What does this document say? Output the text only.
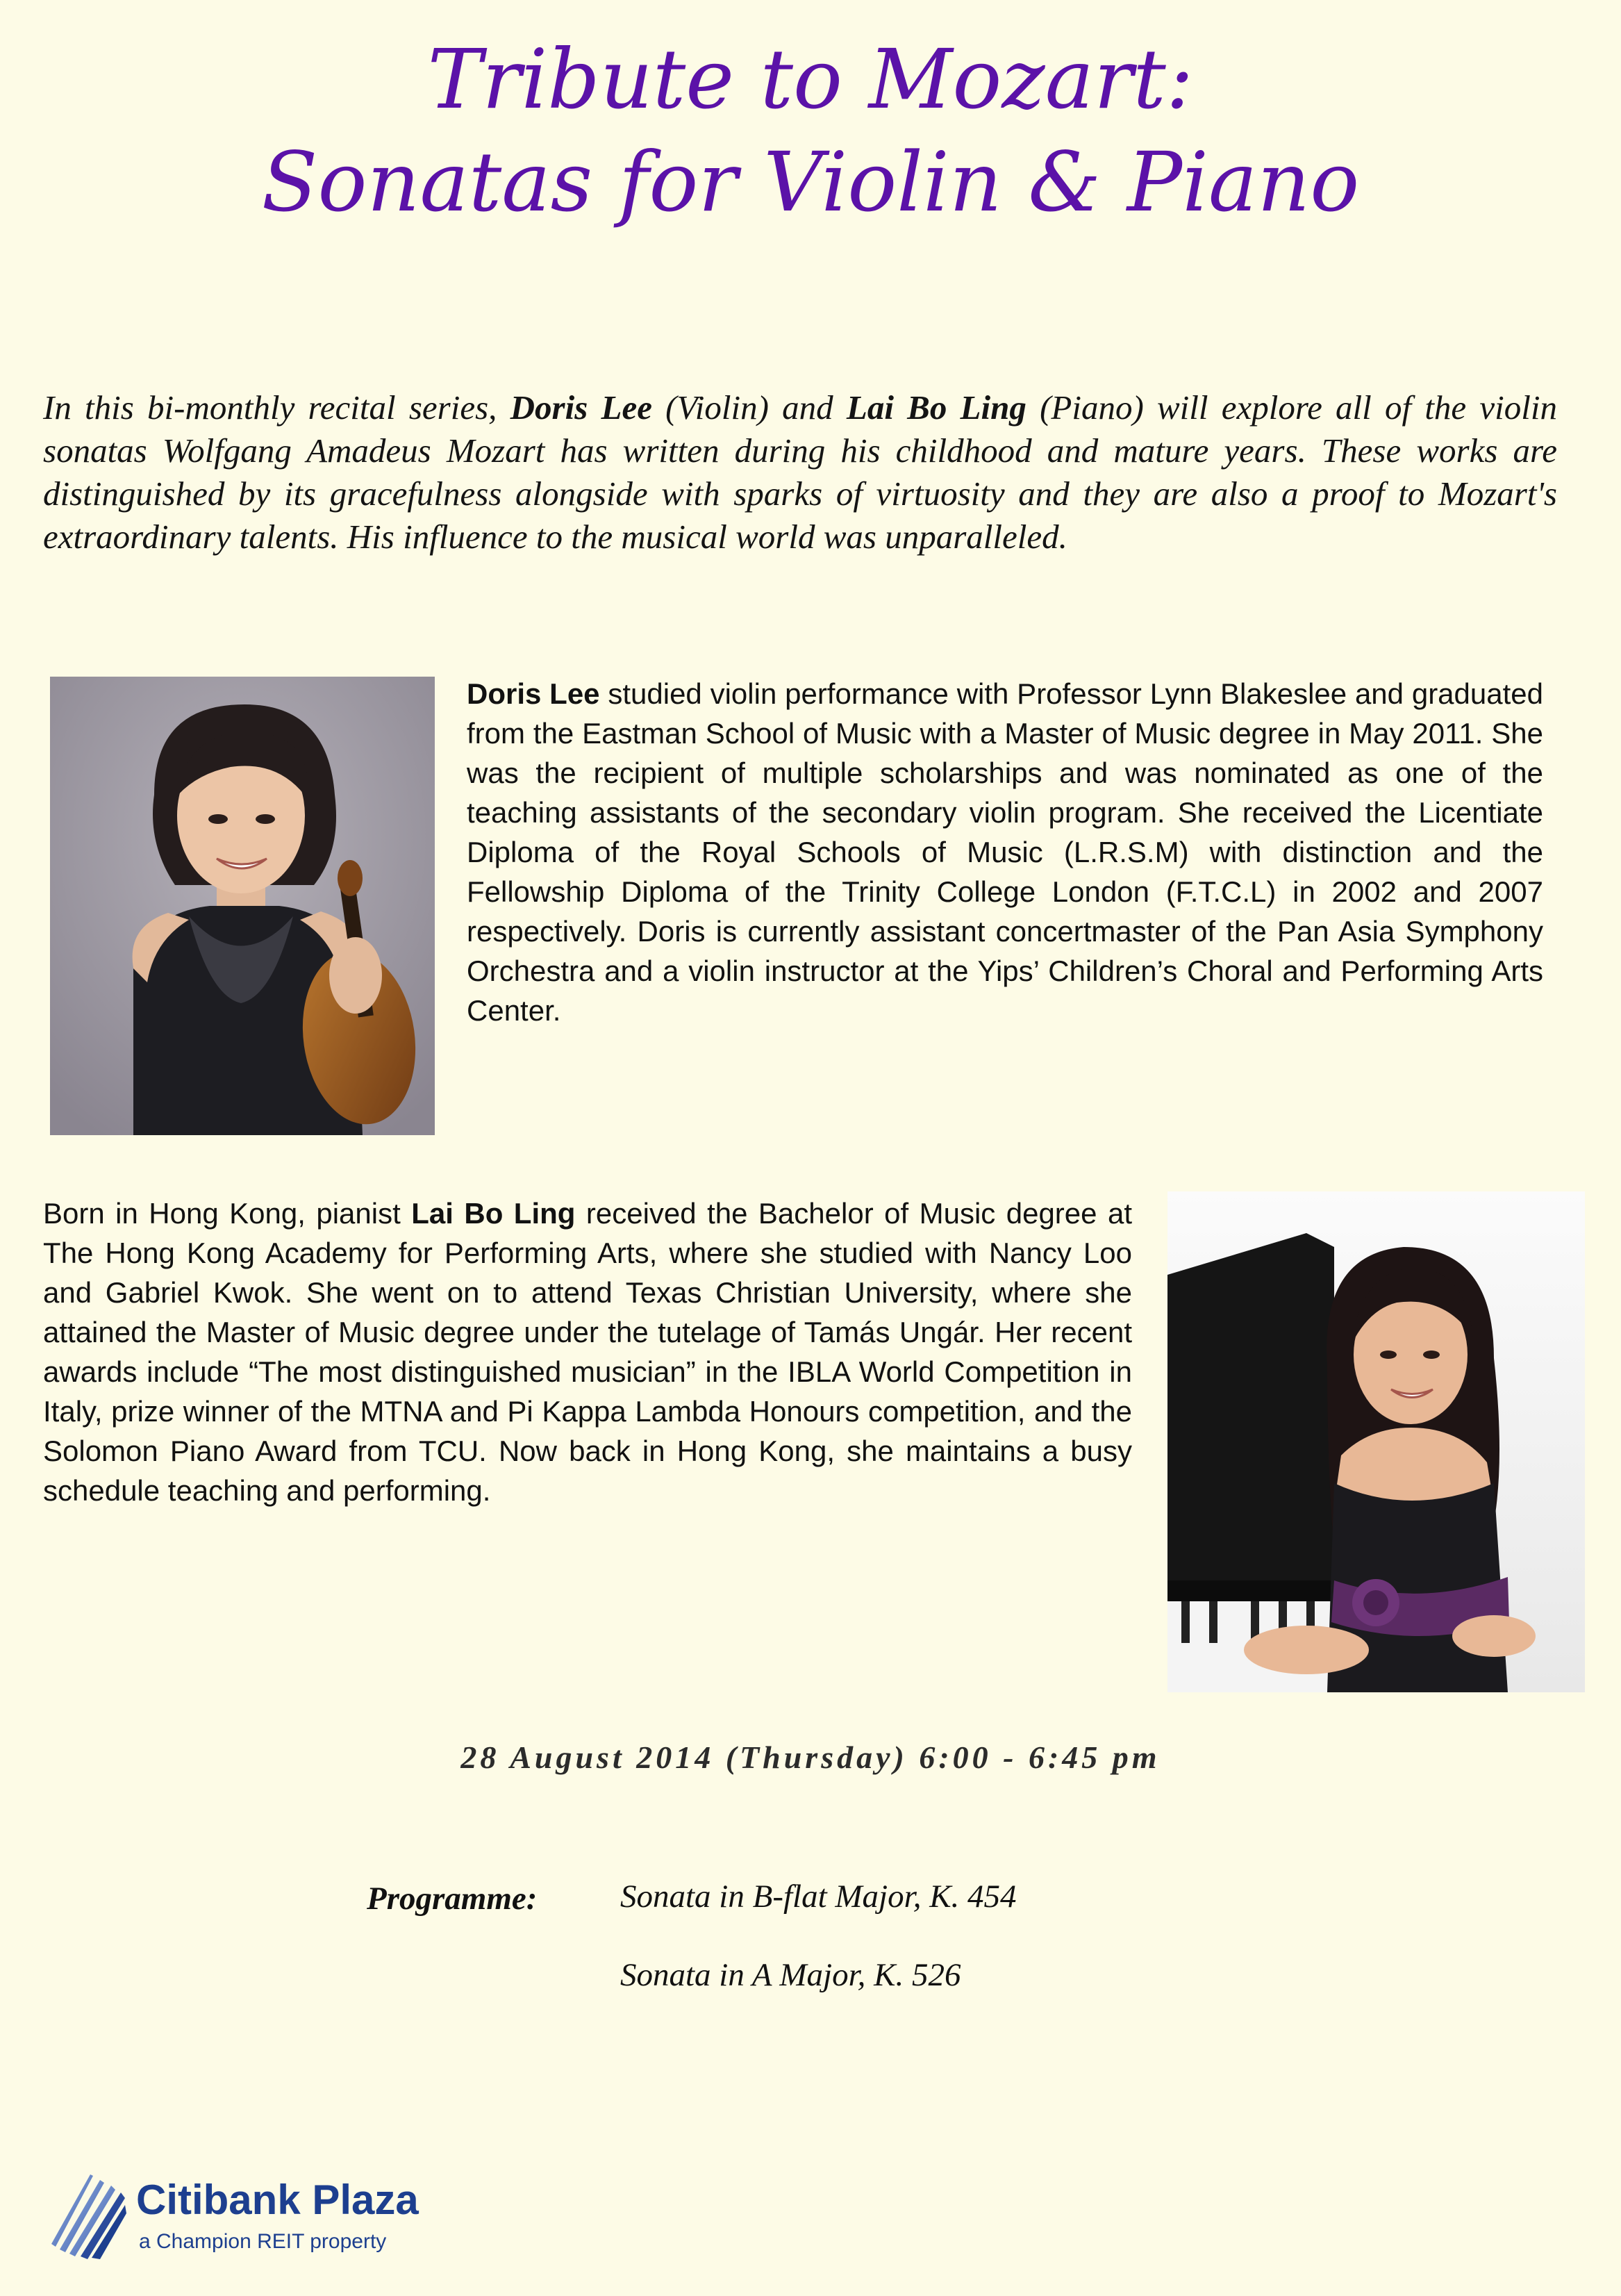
Tribute to Mozart:
Sonatas for Violin & Piano
In this bi-monthly recital series, Doris Lee (Violin) and Lai Bo Ling (Piano) will explore all of the violin sonatas Wolfgang Amadeus Mozart has written during his childhood and mature years. These works are distinguished by its gracefulness alongside with sparks of virtuosity and they are also a proof to Mozart's extraordinary talents. His influence to the musical world was unparalleled.
Doris Lee studied violin performance with Professor Lynn Blakeslee and graduated from the Eastman School of Music with a Master of Music degree in May 2011. She was the recipient of multiple scholarships and was nominated as one of the teaching assistants of the secondary violin program. She received the Licentiate Diploma of the Royal Schools of Music (L.R.S.M) with distinction and the Fellowship Diploma of the Trinity College London (F.T.C.L) in 2002 and 2007 respectively. Doris is currently assistant concertmaster of the Pan Asia Symphony Orchestra and a violin instructor at the Yips’ Children’s Choral and Performing Arts Center.
Born in Hong Kong, pianist Lai Bo Ling received the Bachelor of Music degree at The Hong Kong Academy for Performing Arts, where she studied with Nancy Loo and Gabriel Kwok. She went on to attend Texas Christian University, where she attained the Master of Music degree under the tutelage of Tamás Ungár. Her recent awards include “The most distinguished musician” in the IBLA World Competition in Italy, prize winner of the MTNA and Pi Kappa Lambda Honours competition, and the Solomon Piano Award from TCU. Now back in Hong Kong, she maintains a busy schedule teaching and performing.
28 August 2014 (Thursday) 6:00 - 6:45 pm
Programme:	Sonata in B-flat Major, K. 454
Sonata in A Major, K. 526
Citibank Plaza
a Champion REIT property
